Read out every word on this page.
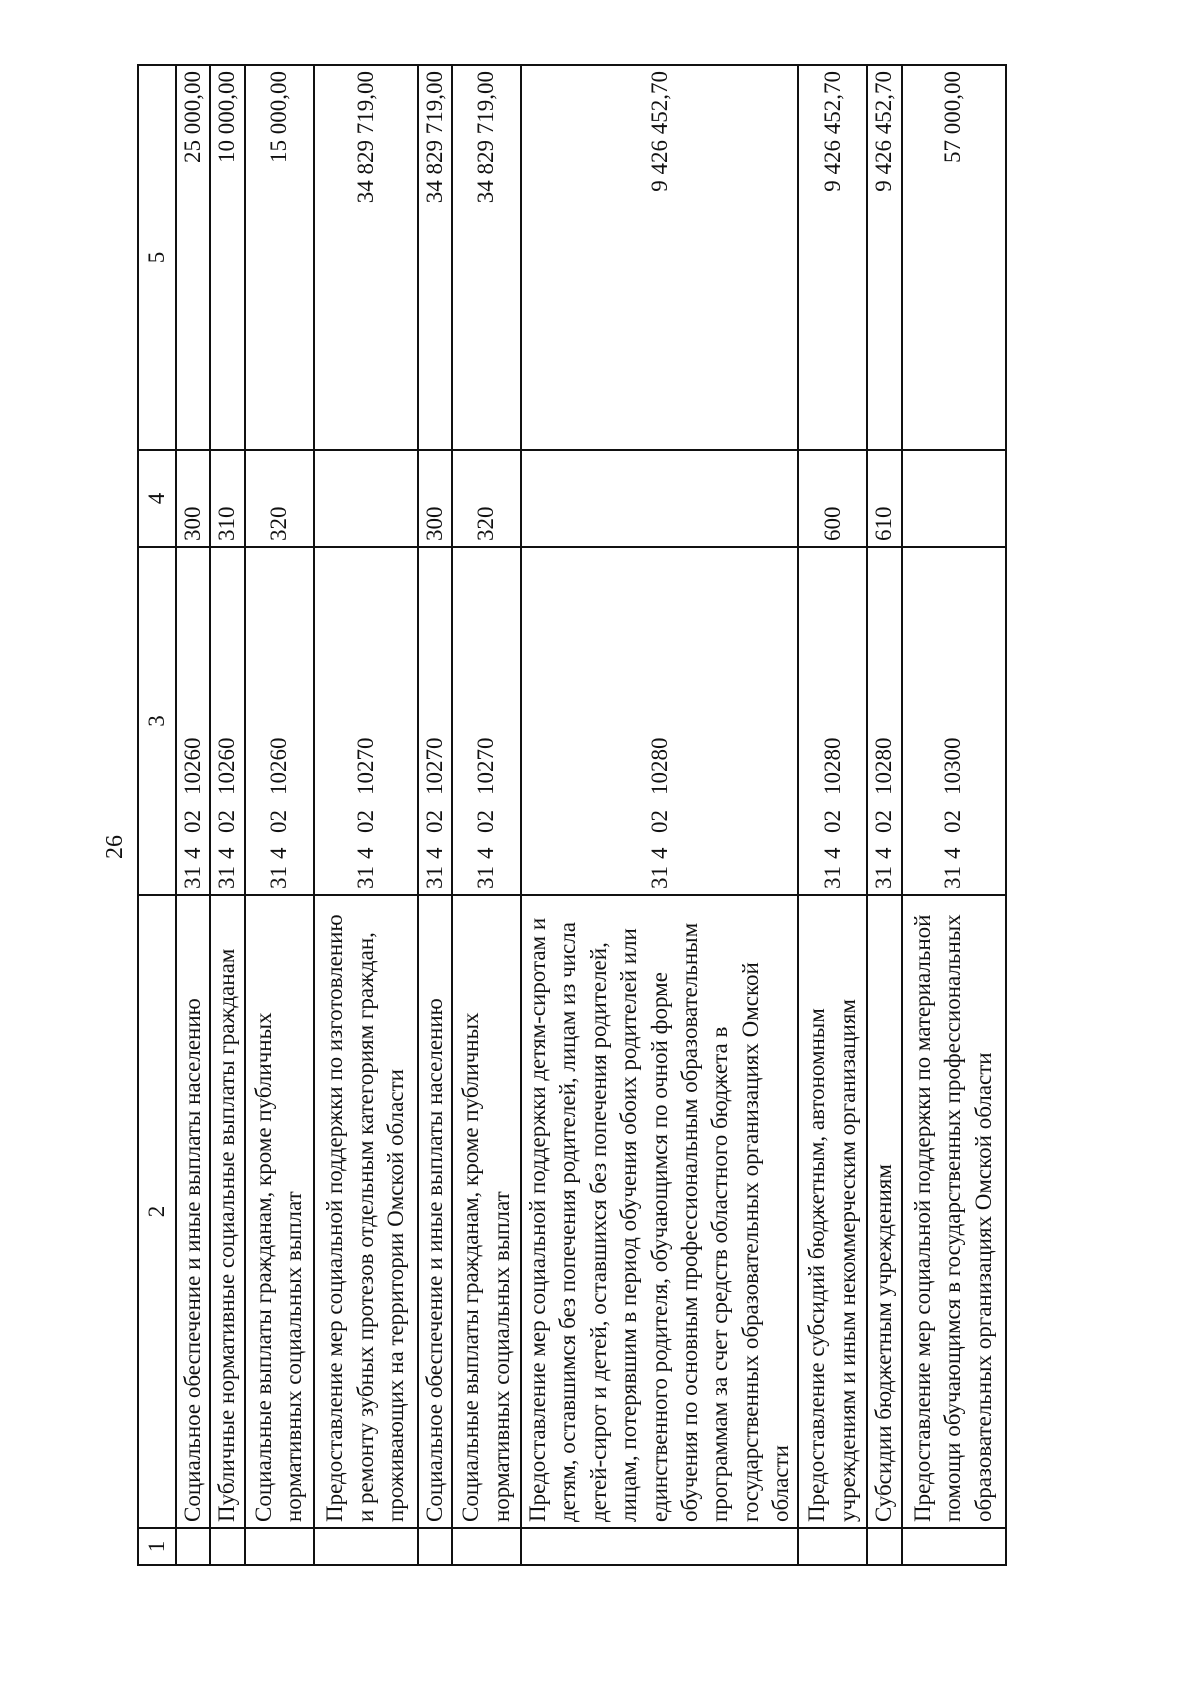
26
1	2	3	4	5
	Социальное обеспечение и иные выплаты населению	3140210260	300	25 000,00
	Публичные нормативные социальные выплаты гражданам	3140210260	310	10 000,00
	Социальные выплаты гражданам, кроме публичных нормативных социальных выплат	3140210260	320	15 000,00
	Предоставление мер социальной поддержки по изготовлению и ремонту зубных протезов отдельным категориям граждан, проживающих на территории Омской области	3140210270		34 829 719,00
	Социальное обеспечение и иные выплаты населению	3140210270	300	34 829 719,00
	Социальные выплаты гражданам, кроме публичных нормативных социальных выплат	3140210270	320	34 829 719,00
	Предоставление мер социальной поддержки детям-сиротам и детям, оставшимся без попечения родителей, лицам из числа детей-сирот и детей, оставшихся без попечения родителей, лицам, потерявшим в период обучения обоих родителей или единственного родителя, обучающимся по очной форме обучения по основным профессиональным образовательным программам за счет средств областного бюджета в государственных образовательных организациях Омской области	3140210280		9 426 452,70
	Предоставление субсидий бюджетным, автономным учреждениям и иным некоммерческим организациям	3140210280	600	9 426 452,70
	Субсидии бюджетным учреждениям	3140210280	610	9 426 452,70
	Предоставление мер социальной поддержки по материальной помощи обучающимся в государственных профессиональных образовательных организациях Омской области	3140210300		57 000,00
